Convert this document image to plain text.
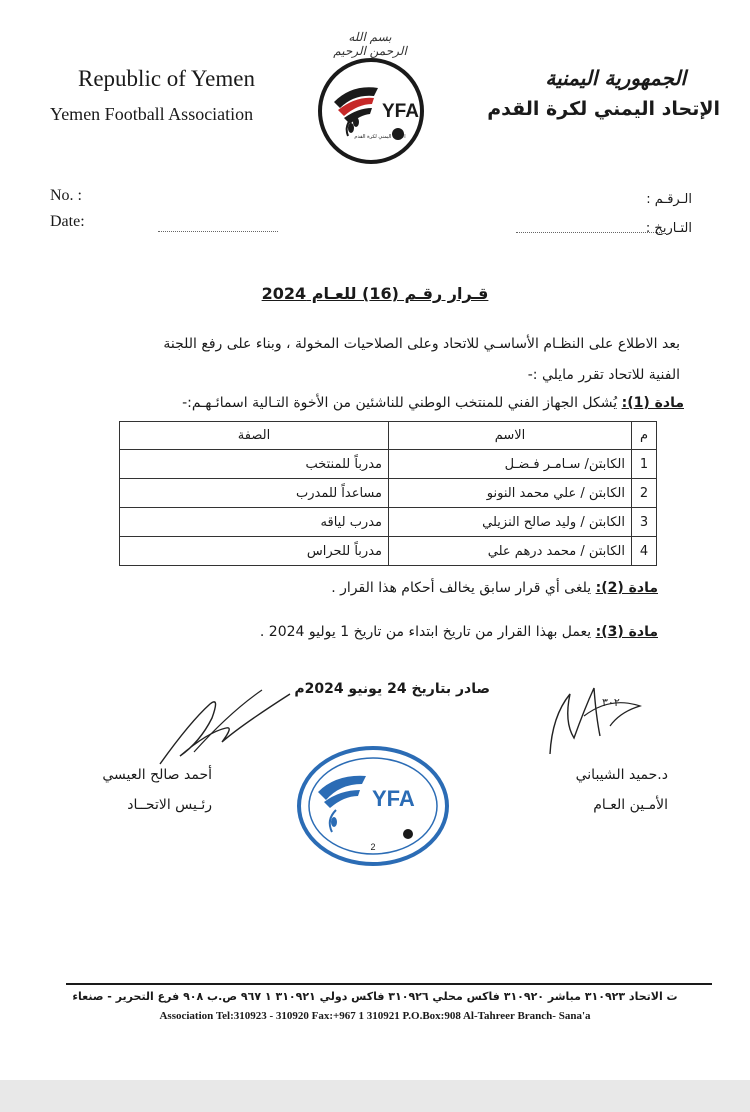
بسم الله الرحمن الرحيم
Republic of Yemen
Yemen Football Association
الجمهورية اليمنية
الإتحاد اليمني لكرة القدم
YFA
الاتحاد اليمني لكرة القدم
No. :
Date:
الـرقـم :
التـاريخ :
قـرار رقـم (16) للعـام 2024
بعد الاطلاع على النظـام الأساسـي للاتحاد وعلى الصلاحيات المخولة ، وبناء على رفع اللجنة
الفنية للاتحاد تقرر مايلي :-
مادة (1): يُشكل الجهاز الفني للمنتخب الوطني للناشئين من الأخوة التـالية اسمائـهـم:-
م	الاسم	الصفة
1	الكابتن/ سـامـر فـضـل	مدرباً للمنتخب
2	الكابتن / علي محمد النونو	مساعداً للمدرب
3	الكابتن / وليد صالح النزيلي	مدرب لياقه
4	الكابتن / محمد درهم علي	مدرباً للحراس
مادة (2): يلغى أي قرار سابق يخالف أحكام هذا القرار .
مادة (3): يعمل بهذا القرار من تاريخ ابتداء من تاريخ 1 يوليو 2024 .
صادر بتاريخ 24 يونيو 2024م
أحمد صالح العيسي
رئـيس الاتحــاد
٣٠٢
د.حميد الشيباني
الأمـين العـام
YFA
2
ت الاتحاد ٣١٠٩٢٣ مباشر ٣١٠٩٢٠ فاكس محلي ٣١٠٩٢٦ فاكس دولي ٣١٠٩٢١ ١ ٩٦٧ ص.ب ٩٠٨ فرع التحرير - صنعاء
Association Tel:310923 - 310920 Fax:+967 1 310921 P.O.Box:908 Al-Tahreer Branch- Sana'a
